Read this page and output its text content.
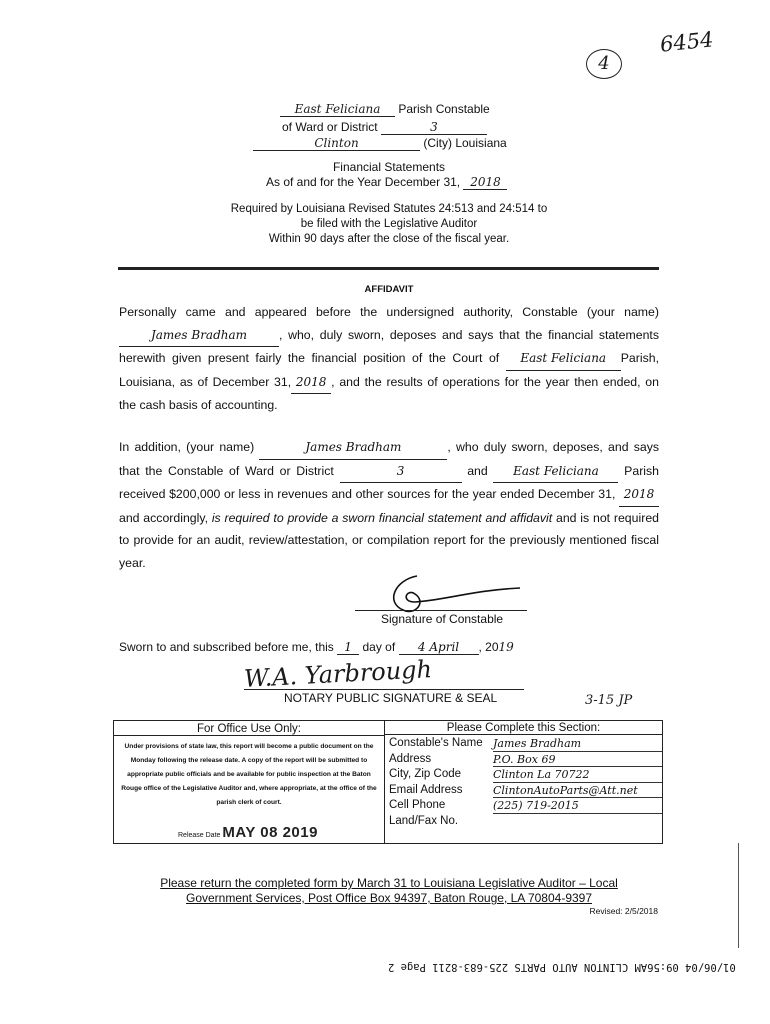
4
6454
East Feliciana Parish Constable
of Ward or District	3
Clinton	(City) Louisiana
Financial Statements
As of and for the Year December 31, 2018
Required by Louisiana Revised Statutes 24:513 and 24:514 to
be filed with the Legislative Auditor
Within 90 days after the close of the fiscal year.
AFFIDAVIT

Personally came and appeared before the undersigned authority, Constable (your name) James Bradham	, who, duly sworn, deposes and says that the financial statements herewith given present fairly the financial position of the Court of East Feliciana Parish, Louisiana, as of December 31, 2018 , and the results of operations for the year then ended, on the cash basis of accounting.

In addition, (your name)	James Bradham	, who duly sworn, deposes, and says that the Constable of Ward or District	3	and East Feliciana Parish received $200,000 or less in revenues and other sources for the year ended December 31, 2018 and accordingly, is required to provide a sworn financial statement and affidavit and is not required to provide for an audit, review/attestation, or compilation report for the previously mentioned fiscal year.

Signature of Constable
Sworn to and subscribed before me, this 1 day of 4 April , 2019
W.A. Yarbrough
NOTARY PUBLIC SIGNATURE & SEAL	3-15 JP
For Office Use Only:
Under provisions of state law, this report will become a public document on the Monday following the release date. A copy of the report will be submitted to appropriate public officials and be available for public inspection at the Baton Rouge office of the Legislative Auditor and, where appropriate, at the office of the parish clerk of court.
Release Date MAY 08 2019

Please Complete this Section:
Constable's Name James Bradham
Address	P.O. Box 69
City, Zip Code	Clinton La 70722
Email Address	ClintonAutoParts@Att.net
Cell Phone	(225) 719-2015
Land/Fax No.
Please return the completed form by March 31 to Louisiana Legislative Auditor – Local
Government Services, Post Office Box 94397, Baton Rouge, LA 70804-9397
Revised: 2/5/2018
01/06/04 09:56AM CLINTON AUTO PARTS 225-683-8211 Page 2
